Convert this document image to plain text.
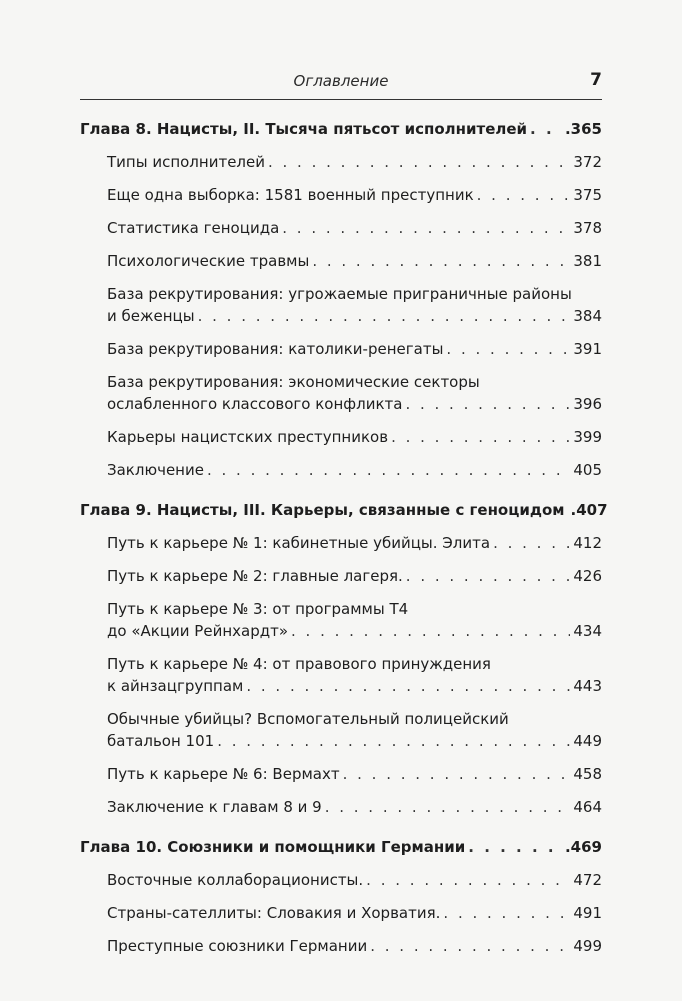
Оглавление	7
Глава 8. Нацисты, II. Тысяча пятьсот исполнителей . . .	.365
Типы исполнителей . . .	372
Еще одна выборка: 1581 военный преступник . . .	375
Статистика геноцида . . .	378
Психологические травмы . . .	381
База рекрутирования: угрожаемые приграничные районы
и беженцы . . .	384
База рекрутирования: католики-ренегаты . . .	391
База рекрутирования: экономические секторы
ослабленного классового конфликта . . .	396
Карьеры нацистских преступников . . .	399
Заключение . . .	405
Глава 9. Нацисты, III. Карьеры, связанные с геноцидом .407
Путь к карьере № 1: кабинетные убийцы. Элита . . .	412
Путь к карьере № 2: главные лагеря. . . .	426
Путь к карьере № 3: от программы Т4
до «Акции Рейнхардт» . . .	434
Путь к карьере № 4: от правового принуждения
к айнзацгруппам . . .	443
Обычные убийцы? Вспомогательный полицейский
батальон 101 . . .	449
Путь к карьере № 6: Вермахт . . .	458
Заключение к главам 8 и 9 . . .	464
Глава 10. Союзники и помощники Германии . . .	.469
Восточные коллаборационисты. . . .	472
Страны-сателлиты: Словакия и Хорватия. . . .	491
Преступные союзники Германии . . .	499
